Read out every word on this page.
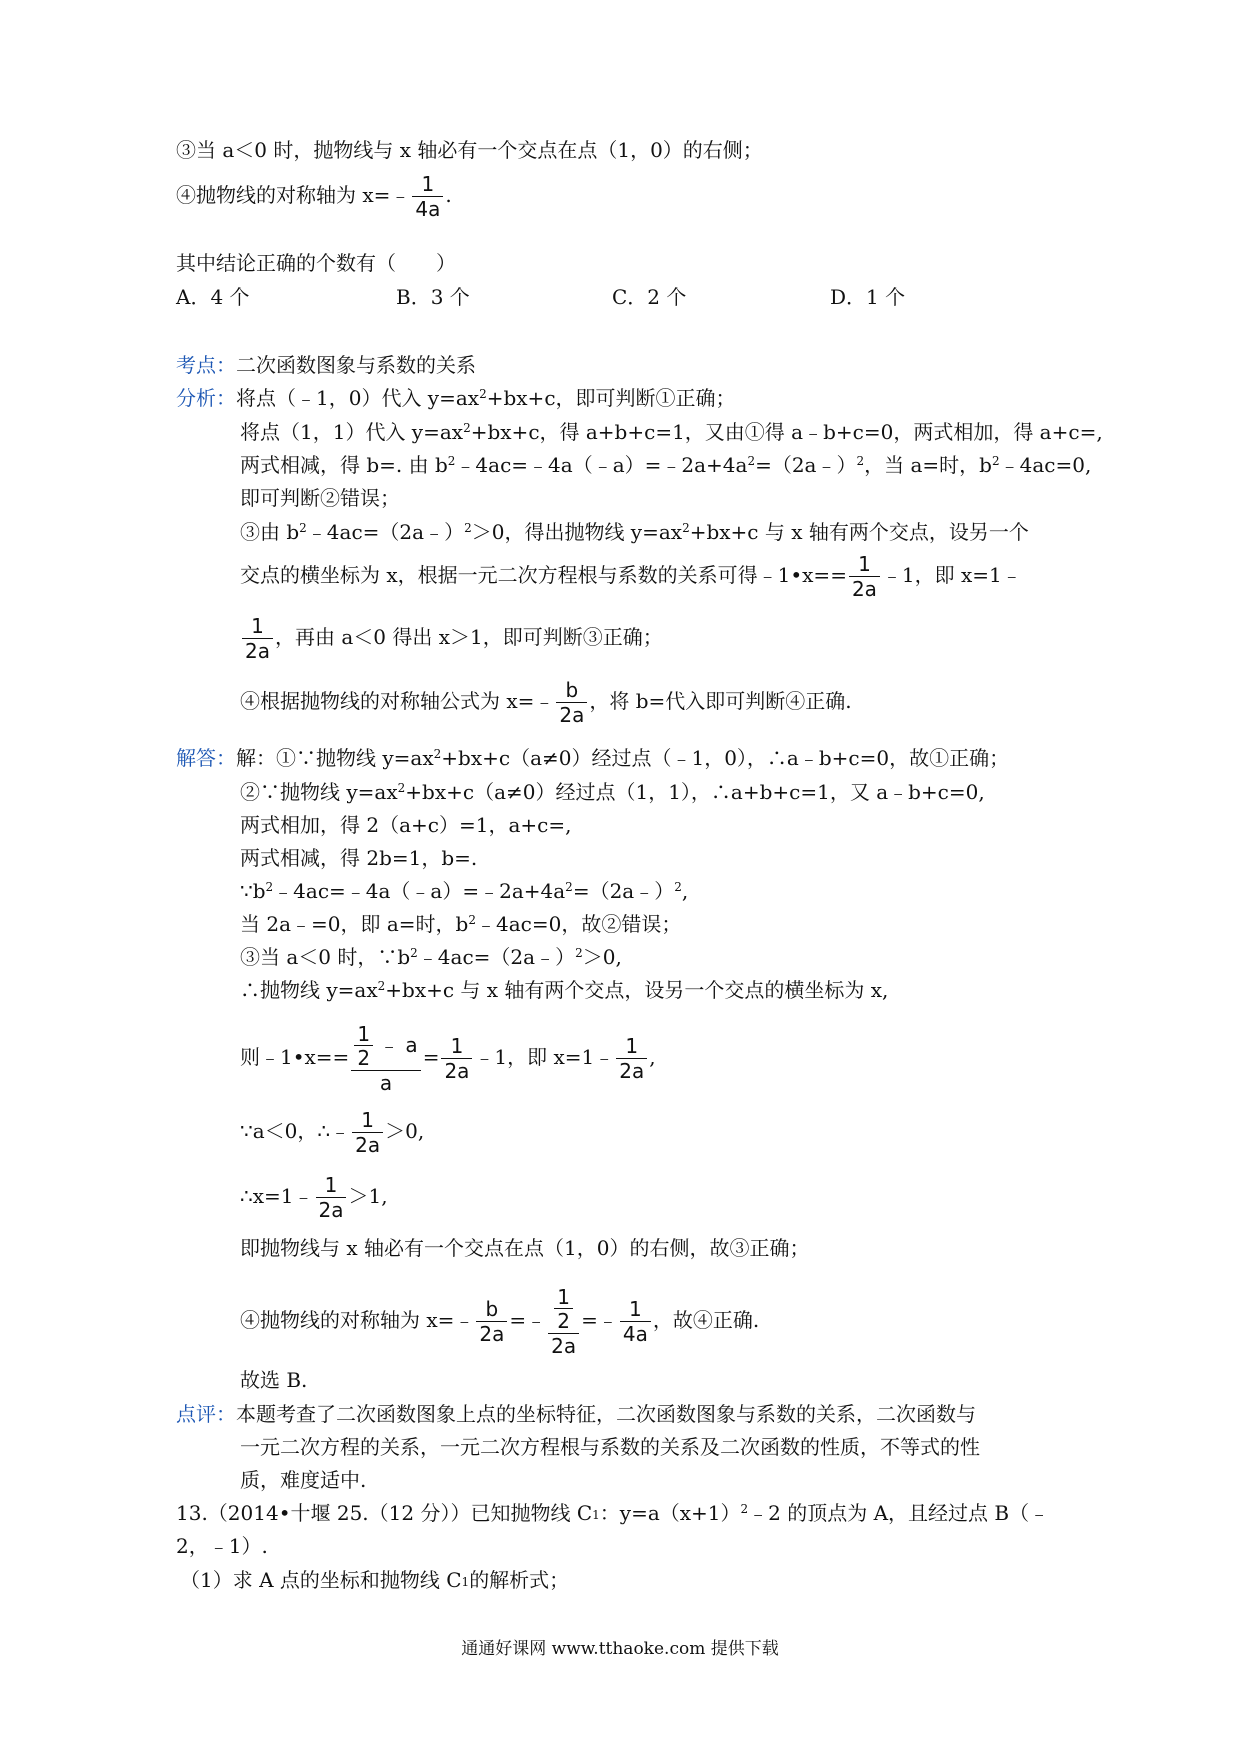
③当 a＜0 时，抛物线与 x 轴必有一个交点在点（1，0）的右侧；
④抛物线的对称轴为 x=﹣ $\frac{1}{4a}$ .
其中结论正确的个数有（　　）
A．4 个	B．3 个	C．2 个	D．1 个
考点：二次函数图象与系数的关系
分析：将点（﹣1，0）代入 $y=ax^2+bx+c$，即可判断①正确；
将点（1，1）代入 $y=ax^2+bx+c$，得 a+b+c=1，又由①得 a﹣b+c=0，两式相加，得 a+c=,
两式相减，得 b=. 由 $b^2﹣4ac=﹣4a(﹣a)=﹣2a+4a^2=(2a﹣)^2$，当 a=时，$b^2﹣4ac=0$,
即可判断②错误；
③由 $b^2﹣4ac=(2a﹣)^2>0$，得出抛物线 $y=ax^2+bx+c$ 与 x 轴有两个交点，设另一个
交点的横坐标为 x，根据一元二次方程根与系数的关系可得﹣1•x== $\frac{1}{2a}$ ﹣1，即 x=1﹣
$\frac{1}{2a}$ ，再由 a＜0 得出 x＞1，即可判断③正确；
④根据抛物线的对称轴公式为 x=﹣ $\frac{b}{2a}$ ，将 b=代入即可判断④正确.
解答：解：①∵抛物线 $y=ax^2+bx+c(a\ne 0)$经过点（﹣1，0），∴a﹣b+c=0，故①正确；
②∵抛物线 $y=ax^2+bx+c(a\ne 0)$经过点（1，1），∴a+b+c=1，又 a﹣b+c=0,
两式相加，得 2（a+c）=1，a+c=,
两式相减，得 2b=1，b=.
$\because b^2﹣4ac=﹣4a(﹣a)=﹣2a+4a^2=(2a﹣)^2$,
当 2a﹣=0，即 a=时，$b^2﹣4ac=0$，故②错误；
③当 a＜0 时，$\because b^2﹣4ac=(2a﹣)^2>0$,
∴抛物线 $y=ax^2+bx+c$ 与 x 轴有两个交点，设另一个交点的横坐标为 x,
则﹣1•x== $\frac{\frac{1}{2} ﹣ a}{a} = \frac{1}{2a}$ ﹣1，即 x=1﹣ $\frac{1}{2a}$ ,
∵a＜0，∴﹣ $\frac{1}{2a} >0$,
∴x=1﹣ $\frac{1}{2a} >1$,
即抛物线与 x 轴必有一个交点在点（1，0）的右侧，故③正确；
④抛物线的对称轴为 x=﹣ $\frac{b}{2a}$ =﹣ $\frac{\frac{1}{2}}{2a}$ =﹣ $\frac{1}{4a}$ ，故④正确.
故选 B.
点评：本题考查了二次函数图象上点的坐标特征，二次函数图象与系数的关系，二次函数与
一元二次方程的关系，一元二次方程根与系数的关系及二次函数的性质，不等式的性
质，难度适中.
13.（2014•十堰 25.（12 分））已知抛物线 $C_1$：$y=a(x+1)^2﹣2$ 的顶点为 A，且经过点 B（﹣
2，﹣1）.
（1）求 A 点的坐标和抛物线 $C_1$的解析式；
通通好课网 www.tthaoke.com 提供下载
